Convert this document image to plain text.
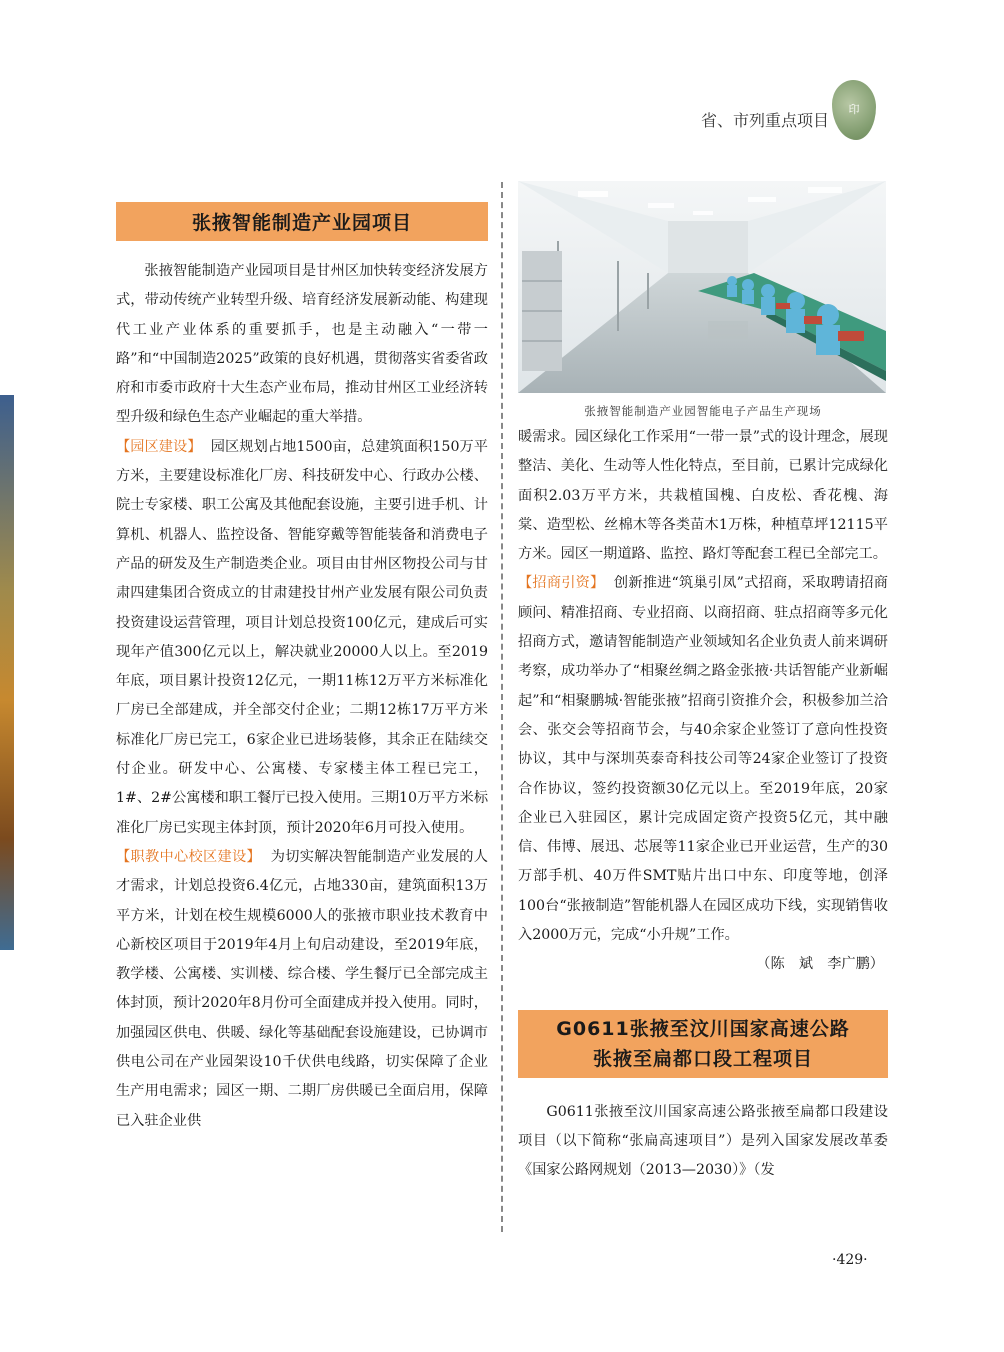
省、市列重点项目
印
张掖智能制造产业园项目

张掖智能制造产业园项目是甘州区加快转变经济发展方式，带动传统产业转型升级、培育经济发展新动能、构建现代工业产业体系的重要抓手，也是主动融入“一带一路”和“中国制造2025”政策的良好机遇，贯彻落实省委省政府和市委市政府十大生态产业布局，推动甘州区工业经济转型升级和绿色生态产业崛起的重大举措。

【园区建设】 园区规划占地1500亩，总建筑面积150万平方米，主要建设标准化厂房、科技研发中心、行政办公楼、院士专家楼、职工公寓及其他配套设施，主要引进手机、计算机、机器人、监控设备、智能穿戴等智能装备和消费电子产品的研发及生产制造类企业。项目由甘州区物投公司与甘肃四建集团合资成立的甘肃建投甘州产业发展有限公司负责投资建设运营管理，项目计划总投资100亿元，建成后可实现年产值300亿元以上，解决就业20000人以上。至2019年底，项目累计投资12亿元，一期11栋12万平方米标准化厂房已全部建成，并全部交付企业；二期12栋17万平方米标准化厂房已完工，6家企业已进场装修，其余正在陆续交付企业。研发中心、公寓楼、专家楼主体工程已完工，1#、2#公寓楼和职工餐厅已投入使用。三期10万平方米标准化厂房已实现主体封顶，预计2020年6月可投入使用。

【职教中心校区建设】 为切实解决智能制造产业发展的人才需求，计划总投资6.4亿元，占地330亩，建筑面积13万平方米，计划在校生规模6000人的张掖市职业技术教育中心新校区项目于2019年4月上旬启动建设，至2019年底，教学楼、公寓楼、实训楼、综合楼、学生餐厅已全部完成主体封顶，预计2020年8月份可全面建成并投入使用。同时，加强园区供电、供暖、绿化等基础配套设施建设，已协调市供电公司在产业园架设10千伏供电线路，切实保障了企业生产用电需求；园区一期、二期厂房供暖已全面启用，保障已入驻企业供

张掖智能制造产业园智能电子产品生产现场

暖需求。园区绿化工作采用“一带一景”式的设计理念，展现整洁、美化、生动等人性化特点，至目前，已累计完成绿化面积2.03万平方米，共栽植国槐、白皮松、香花槐、海棠、造型松、丝棉木等各类苗木1万株，种植草坪12115平方米。园区一期道路、监控、路灯等配套工程已全部完工。

【招商引资】 创新推进“筑巢引凤”式招商，采取聘请招商顾问、精准招商、专业招商、以商招商、驻点招商等多元化招商方式，邀请智能制造产业领域知名企业负责人前来调研考察，成功举办了“相聚丝绸之路金张掖·共话智能产业新崛起”和“相聚鹏城·智能张掖”招商引资推介会，积极参加兰洽会、张交会等招商节会，与40余家企业签订了意向性投资协议，其中与深圳英泰奇科技公司等24家企业签订了投资合作协议，签约投资额30亿元以上。至2019年底，20家企业已入驻园区，累计完成固定资产投资5亿元，其中融信、伟博、展迅、芯展等11家企业已开业运营，生产的30万部手机、40万件SMT贴片出口中东、印度等地，创泽100台“张掖制造”智能机器人在园区成功下线，实现销售收入2000万元，完成“小升规”工作。

（陈　斌　李广鹏）
G0611张掖至汶川国家高速公路
张掖至扁都口段工程项目

G0611张掖至汶川国家高速公路张掖至扁都口段建设项目（以下简称“张扁高速项目”）是列入国家发展改革委《国家公路网规划（2013—2030）》（发

·429·
